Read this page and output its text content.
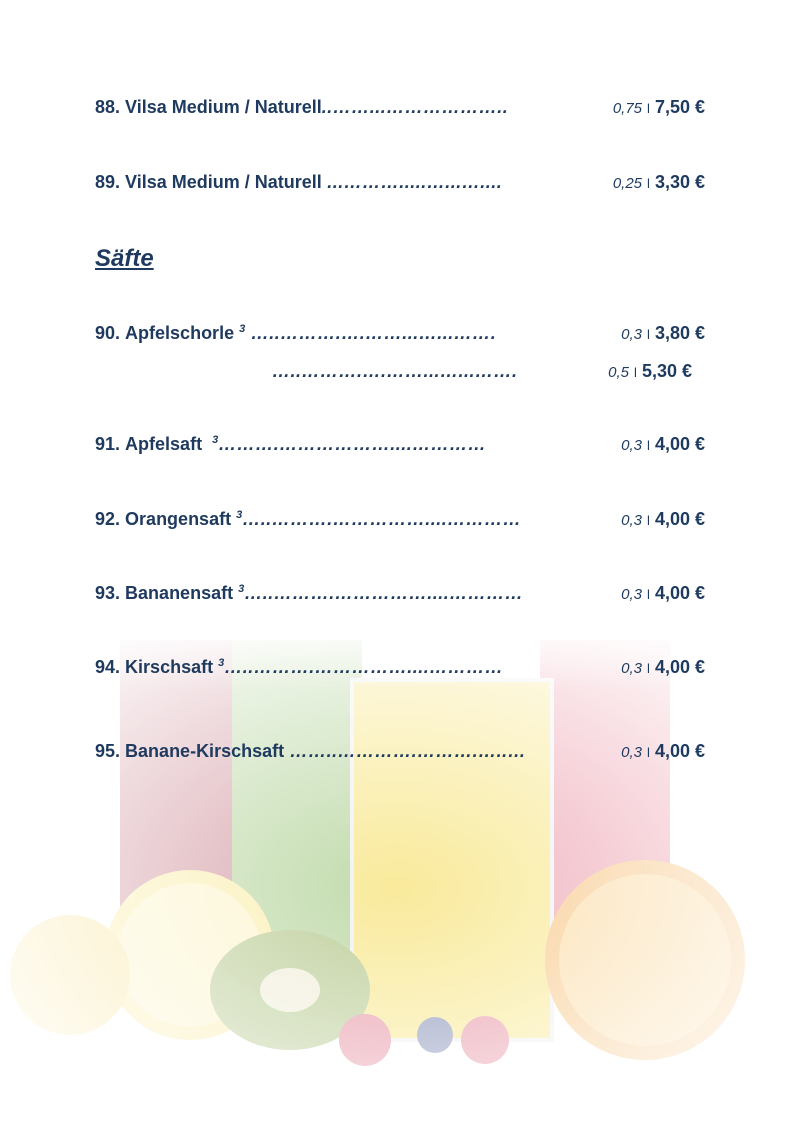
88. Vilsa Medium / Naturell..……...………………..	0,75 l 7,50 €
89. Vilsa Medium / Naturell ...……….....…...…....	0,25 l 3,30 €
Säfte
90. Apfelschorle $^3$ …..……….….……...…...…….	0,3 l 3,80 €
…..……….….……...…...…….	0,5 l 5,30 €
91. Apfelsaft $^3$……….………………....…………	0,3 l 4,00 €
92. Orangensaft $^3$…..……….……………....…………	0,3 l 4,00 €
93. Bananensaft $^3$…..……….……………....…………	0,3 l 4,00 €
94. Kirschsaft $^3$…..……….……………....…………	0,3 l 4,00 €
95. Banane-Kirschsaft ……..………….……….…..…	0,3 l 4,00 €
